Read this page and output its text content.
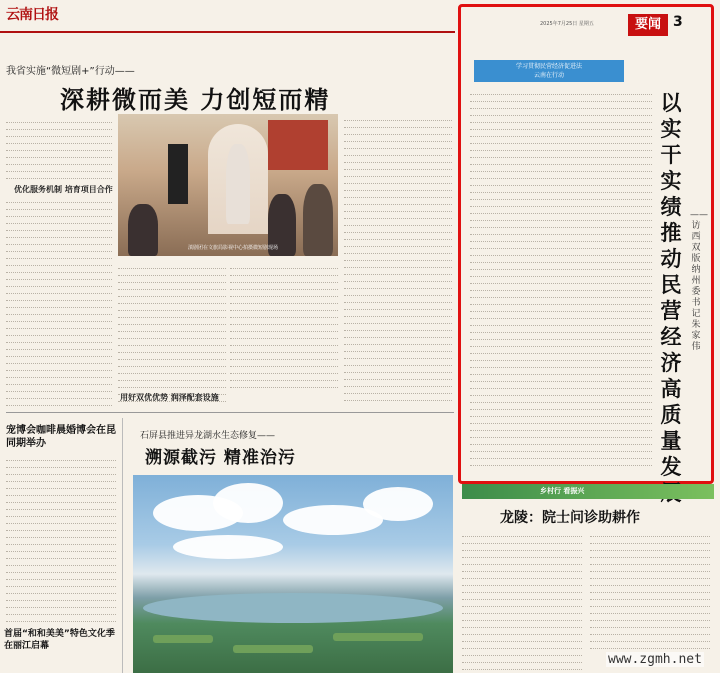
云南日报
我省实施“微短剧+”行动——
深耕微而美 力创短而精
优化服务机制 培育项目合作
滇剧团在文旅局影视中心拍摄微短剧现场
用好双优优势 润泽配套设施
宠博会咖啡晨婚博会在昆同期举办
首届“和和美美”特色文化季在丽江启幕
石屏县推进异龙湖水生态修复——
溯源截污 精准治污
2025年7月25日 星期五	要闻 3
学习贯彻民营经济促进法
云南在行动
以实干实绩推动民营经济高质量发
——访西双版纳州委书记朱家伟
乡村行 看振兴
龙陵：院士问诊助耕作
www.zgmh.net
